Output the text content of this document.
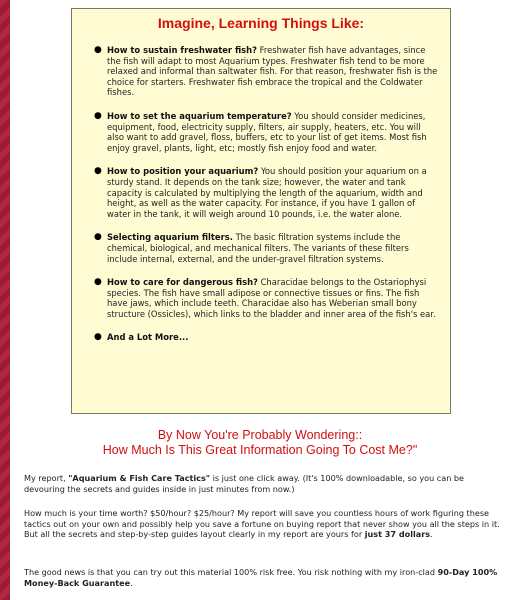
Imagine, Learning Things Like:
● How to sustain freshwater fish? Freshwater fish have advantages, since the fish will adapt to most Aquarium types. Freshwater fish tend to be more relaxed and informal than saltwater fish. For that reason, freshwater fish is the choice for starters. Freshwater fish embrace the tropical and the Coldwater fishes.
● How to set the aquarium temperature? You should consider medicines, equipment, food, electricity supply, filters, air supply, heaters, etc. You will also want to add gravel, floss, buffers, etc to your list of get items. Most fish enjoy gravel, plants, light, etc; mostly fish enjoy food and water.
● How to position your aquarium? You should position your aquarium on a sturdy stand. It depends on the tank size; however, the water and tank capacity is calculated by multiplying the length of the aquarium, width and height, as well as the water capacity. For instance, if you have 1 gallon of water in the tank, it will weigh around 10 pounds, i.e. the water alone.
● Selecting aquarium filters. The basic filtration systems include the chemical, biological, and mechanical filters. The variants of these filters include internal, external, and the under-gravel filtration systems.
● How to care for dangerous fish? Characidae belongs to the Ostariophysi species. The fish have small adipose or connective tissues or fins. The fish have jaws, which include teeth. Characidae also has Weberian small bony structure (Ossicles), which links to the bladder and inner area of the fish's ear.
● And a Lot More...
By Now You're Probably Wondering::
How Much Is This Great Information Going To Cost Me?"

My report, "Aquarium & Fish Care Tactics" is just one click away. (It's 100% downloadable, so you can be devouring the secrets and guides inside in just minutes from now.)

How much is your time worth? $50/hour? $25/hour? My report will save you countless hours of work figuring these tactics out on your own and possibly help you save a fortune on buying report that never show you all the steps in it. But all the secrets and step-by-step guides layout clearly in my report are yours for just 37 dollars.

The good news is that you can try out this material 100% risk free. You risk nothing with my iron-clad 90-Day 100% Money-Back Guarantee.
